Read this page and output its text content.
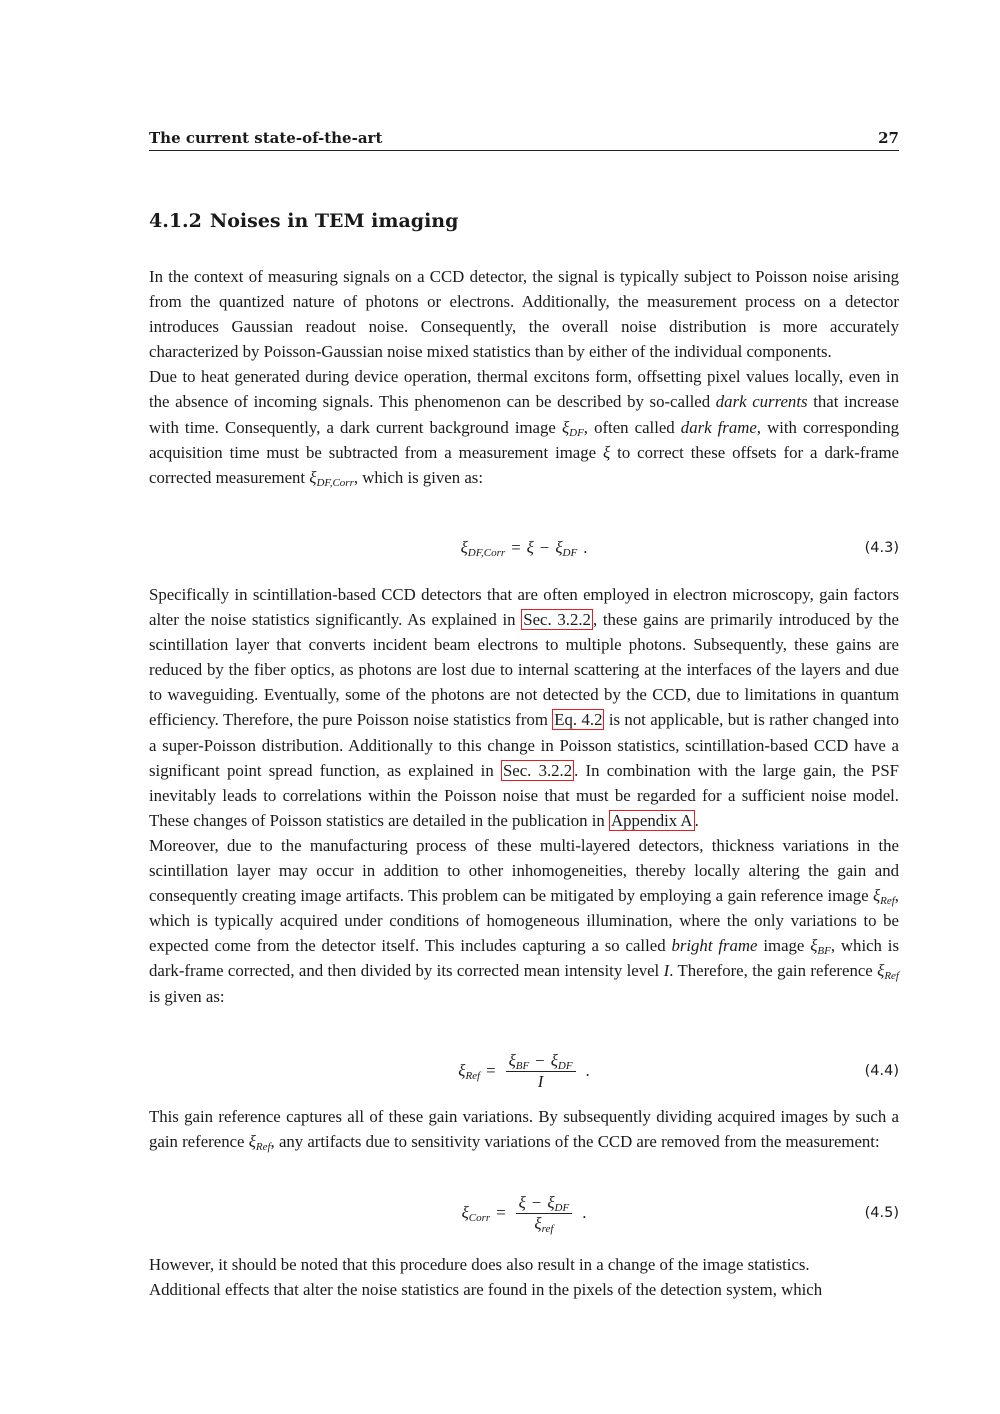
The current state-of-the-art	27
4.1.2 Noises in TEM imaging

In the context of measuring signals on a CCD detector, the signal is typically subject to Poisson noise arising from the quantized nature of photons or electrons. Additionally, the measurement process on a detector introduces Gaussian readout noise. Consequently, the overall noise distribution is more accurately characterized by Poisson-Gaussian noise mixed statistics than by either of the individual components.

Due to heat generated during device operation, thermal excitons form, offsetting pixel values locally, even in the absence of incoming signals. This phenomenon can be described by so-called dark currents that increase with time. Consequently, a dark current background image $\xi_{DF}$, often called dark frame, with corresponding acquisition time must be subtracted from a measurement image ξ to correct these offsets for a dark-frame corrected measurement $\xi_{DF,Corr}$, which is given as:

$\xi_{DF,Corr} = \xi - \xi_{DF}$ .	(4.3)

Specifically in scintillation-based CCD detectors that are often employed in electron microscopy, gain factors alter the noise statistics significantly. As explained in Sec. 3.2.2 , these gains are primarily introduced by the scintillation layer that converts incident beam electrons to multiple photons. Subsequently, these gains are reduced by the fiber optics, as photons are lost due to internal scattering at the interfaces of the layers and due to waveguiding. Eventually, some of the photons are not detected by the CCD, due to limitations in quantum efficiency. Therefore, the pure Poisson noise statistics from Eq. 4.2 is not applicable, but is rather changed into a super-Poisson distribution. Additionally to this change in Poisson statistics, scintillation-based CCD have a significant point spread function, as explained in Sec. 3.2.2 . In combination with the large gain, the PSF inevitably leads to correlations within the Poisson noise that must be regarded for a sufficient noise model. These changes of Poisson statistics are detailed in the publication in Appendix A .

Moreover, due to the manufacturing process of these multi-layered detectors, thickness variations in the scintillation layer may occur in addition to other inhomogeneities, thereby locally altering the gain and consequently creating image artifacts. This problem can be mitigated by employing a gain reference image $\xi_{Ref}$, which is typically acquired under conditions of homogeneous illumination, where the only variations to be expected come from the detector itself. This includes capturing a so called bright frame image $\xi_{BF}$, which is dark-frame corrected, and then divided by its corrected mean intensity level I. Therefore, the gain reference $\xi_{Ref}$ is given as:

$\xi_{Ref} = \frac{\xi_{BF} - \xi_{DF}}{I}$ .	(4.4)

This gain reference captures all of these gain variations. By subsequently dividing acquired images by such a gain reference $\xi_{Ref}$, any artifacts due to sensitivity variations of the CCD are removed from the measurement:

$\xi_{Corr} = \frac{\xi - \xi_{DF}}{\xi_{ref}}$ .	(4.5)

However, it should be noted that this procedure does also result in a change of the image statistics.

Additional effects that alter the noise statistics are found in the pixels of the detection system, which
